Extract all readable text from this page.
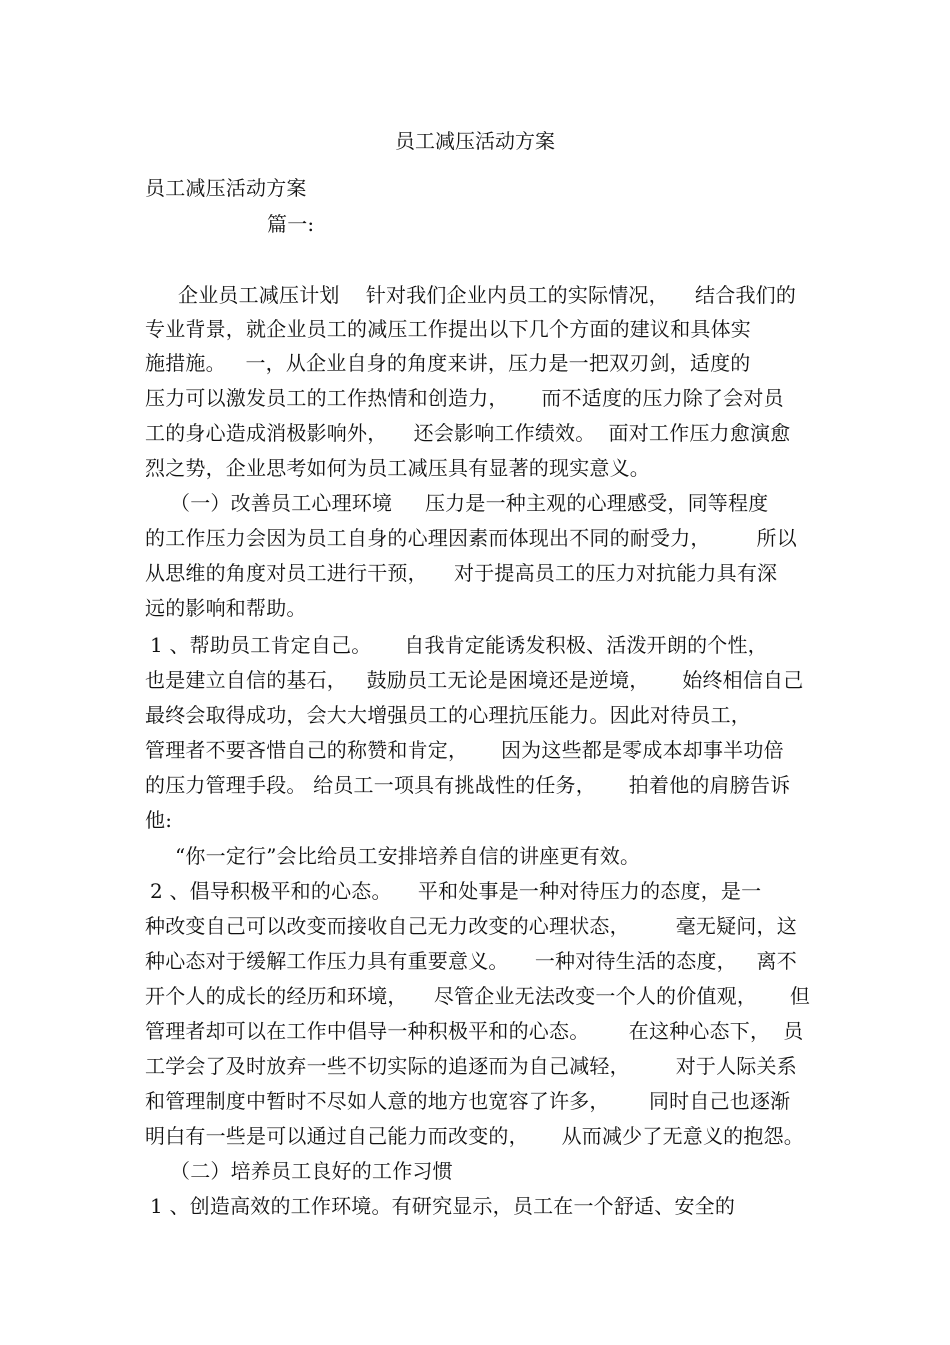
员工减压活动方案
员工减压活动方案
篇一:
企业员工减压计划    针对我们企业内员工的实际情况，    结合我们的
专业背景，就企业员工的减压工作提出以下几个方面的建议和具体实
施措施。   一，从企业自身的角度来讲，压力是一把双刃剑，适度的
压力可以激发员工的工作热情和创造力，     而不适度的压力除了会对员
工的身心造成消极影响外，    还会影响工作绩效。  面对工作压力愈演愈
烈之势，企业思考如何为员工减压具有显著的现实意义。
（一）改善员工心理环境     压力是一种主观的心理感受，同等程度
的工作压力会因为员工自身的心理因素而体现出不同的耐受力，       所以
从思维的角度对员工进行干预，    对于提高员工的压力对抗能力具有深
远的影响和帮助。
1 、帮助员工肯定自己。     自我肯定能诱发积极、活泼开朗的个性，
也是建立自信的基石，   鼓励员工无论是困境还是逆境，     始终相信自己
最终会取得成功，会大大增强员工的心理抗压能力。因此对待员工，
管理者不要吝惜自己的称赞和肯定，     因为这些都是零成本却事半功倍
的压力管理手段。 给员工一项具有挑战性的任务，     拍着他的肩膀告诉
他:
“你一定行”会比给员工安排培养自信的讲座更有效。
2 、倡导积极平和的心态。    平和处事是一种对待压力的态度，是一
种改变自己可以改变而接收自己无力改变的心理状态，       毫无疑问，这
种心态对于缓解工作压力具有重要意义。    一种对待生活的态度，   离不
开个人的成长的经历和环境，    尽管企业无法改变一个人的价值观，     但
管理者却可以在工作中倡导一种积极平和的心态。      在这种心态下，  员
工学会了及时放弃一些不切实际的追逐而为自己减轻，       对于人际关系
和管理制度中暂时不尽如人意的地方也宽容了许多，      同时自己也逐渐
明白有一些是可以通过自己能力而改变的，     从而减少了无意义的抱怨。
（二）培养员工良好的工作习惯
1 、创造高效的工作环境。有研究显示，员工在一个舒适、安全的
